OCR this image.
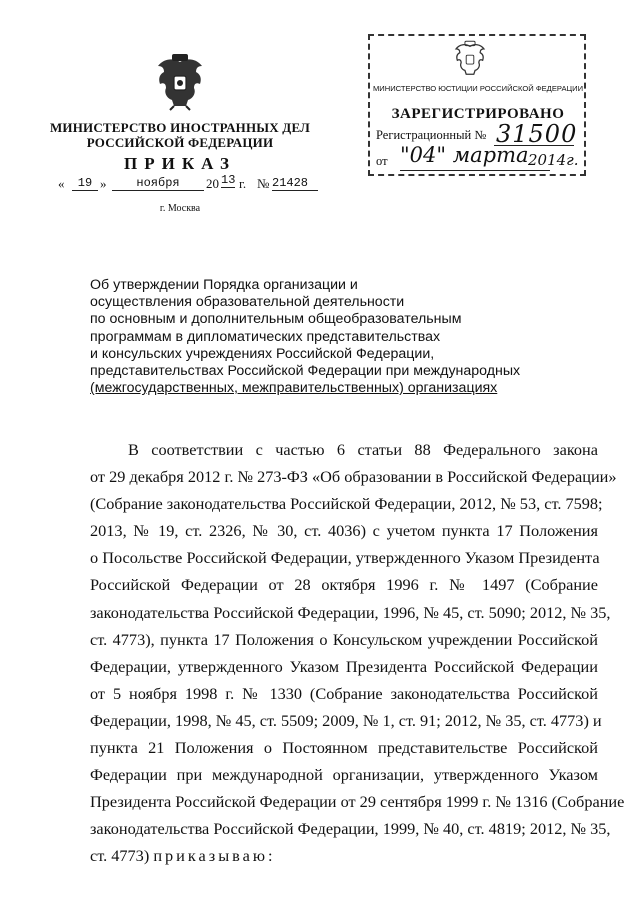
МИНИСТЕРСТВО ИНОСТРАННЫХ ДЕЛ
РОССИЙСКОЙ ФЕДЕРАЦИИ
ПРИКАЗ
«	19 »	ноября	20 13 г. № 21428
г. Москва
МИНИСТЕРСТВО ЮСТИЦИИ РОССИЙСКОЙ ФЕДЕРАЦИИ
ЗАРЕГИСТРИРОВАНО
Регистрационный № 31500
от "04" марта 2014г.
Об утверждении Порядка организации и
осуществления образовательной деятельности
по основным и дополнительным общеобразовательным
программам в дипломатических представительствах
и консульских учреждениях Российской Федерации,
представительствах Российской Федерации при международных
(межгосударственных, межправительственных) организациях
В соответствии с частью 6 статьи 88 Федерального закона
от 29 декабря 2012 г. № 273-ФЗ «Об образовании в Российской Федерации»
(Собрание законодательства Российской Федерации, 2012, № 53, ст. 7598;
2013, № 19, ст. 2326, № 30, ст. 4036) с учетом пункта 17 Положения
о Посольстве Российской Федерации, утвержденного Указом Президента
Российской Федерации от 28 октября 1996 г. № 1497 (Собрание
законодательства Российской Федерации, 1996, № 45, ст. 5090; 2012, № 35,
ст. 4773), пункта 17 Положения о Консульском учреждении Российской
Федерации, утвержденного Указом Президента Российской Федерации
от 5 ноября 1998 г. № 1330 (Собрание законодательства Российской
Федерации, 1998, № 45, ст. 5509; 2009, № 1, ст. 91; 2012, № 35, ст. 4773) и
пункта 21 Положения о Постоянном представительстве Российской
Федерации при международной организации, утвержденного Указом
Президента Российской Федерации от 29 сентября 1999 г. № 1316 (Собрание
законодательства Российской Федерации, 1999, № 40, ст. 4819; 2012, № 35,
ст. 4773) приказываю:
